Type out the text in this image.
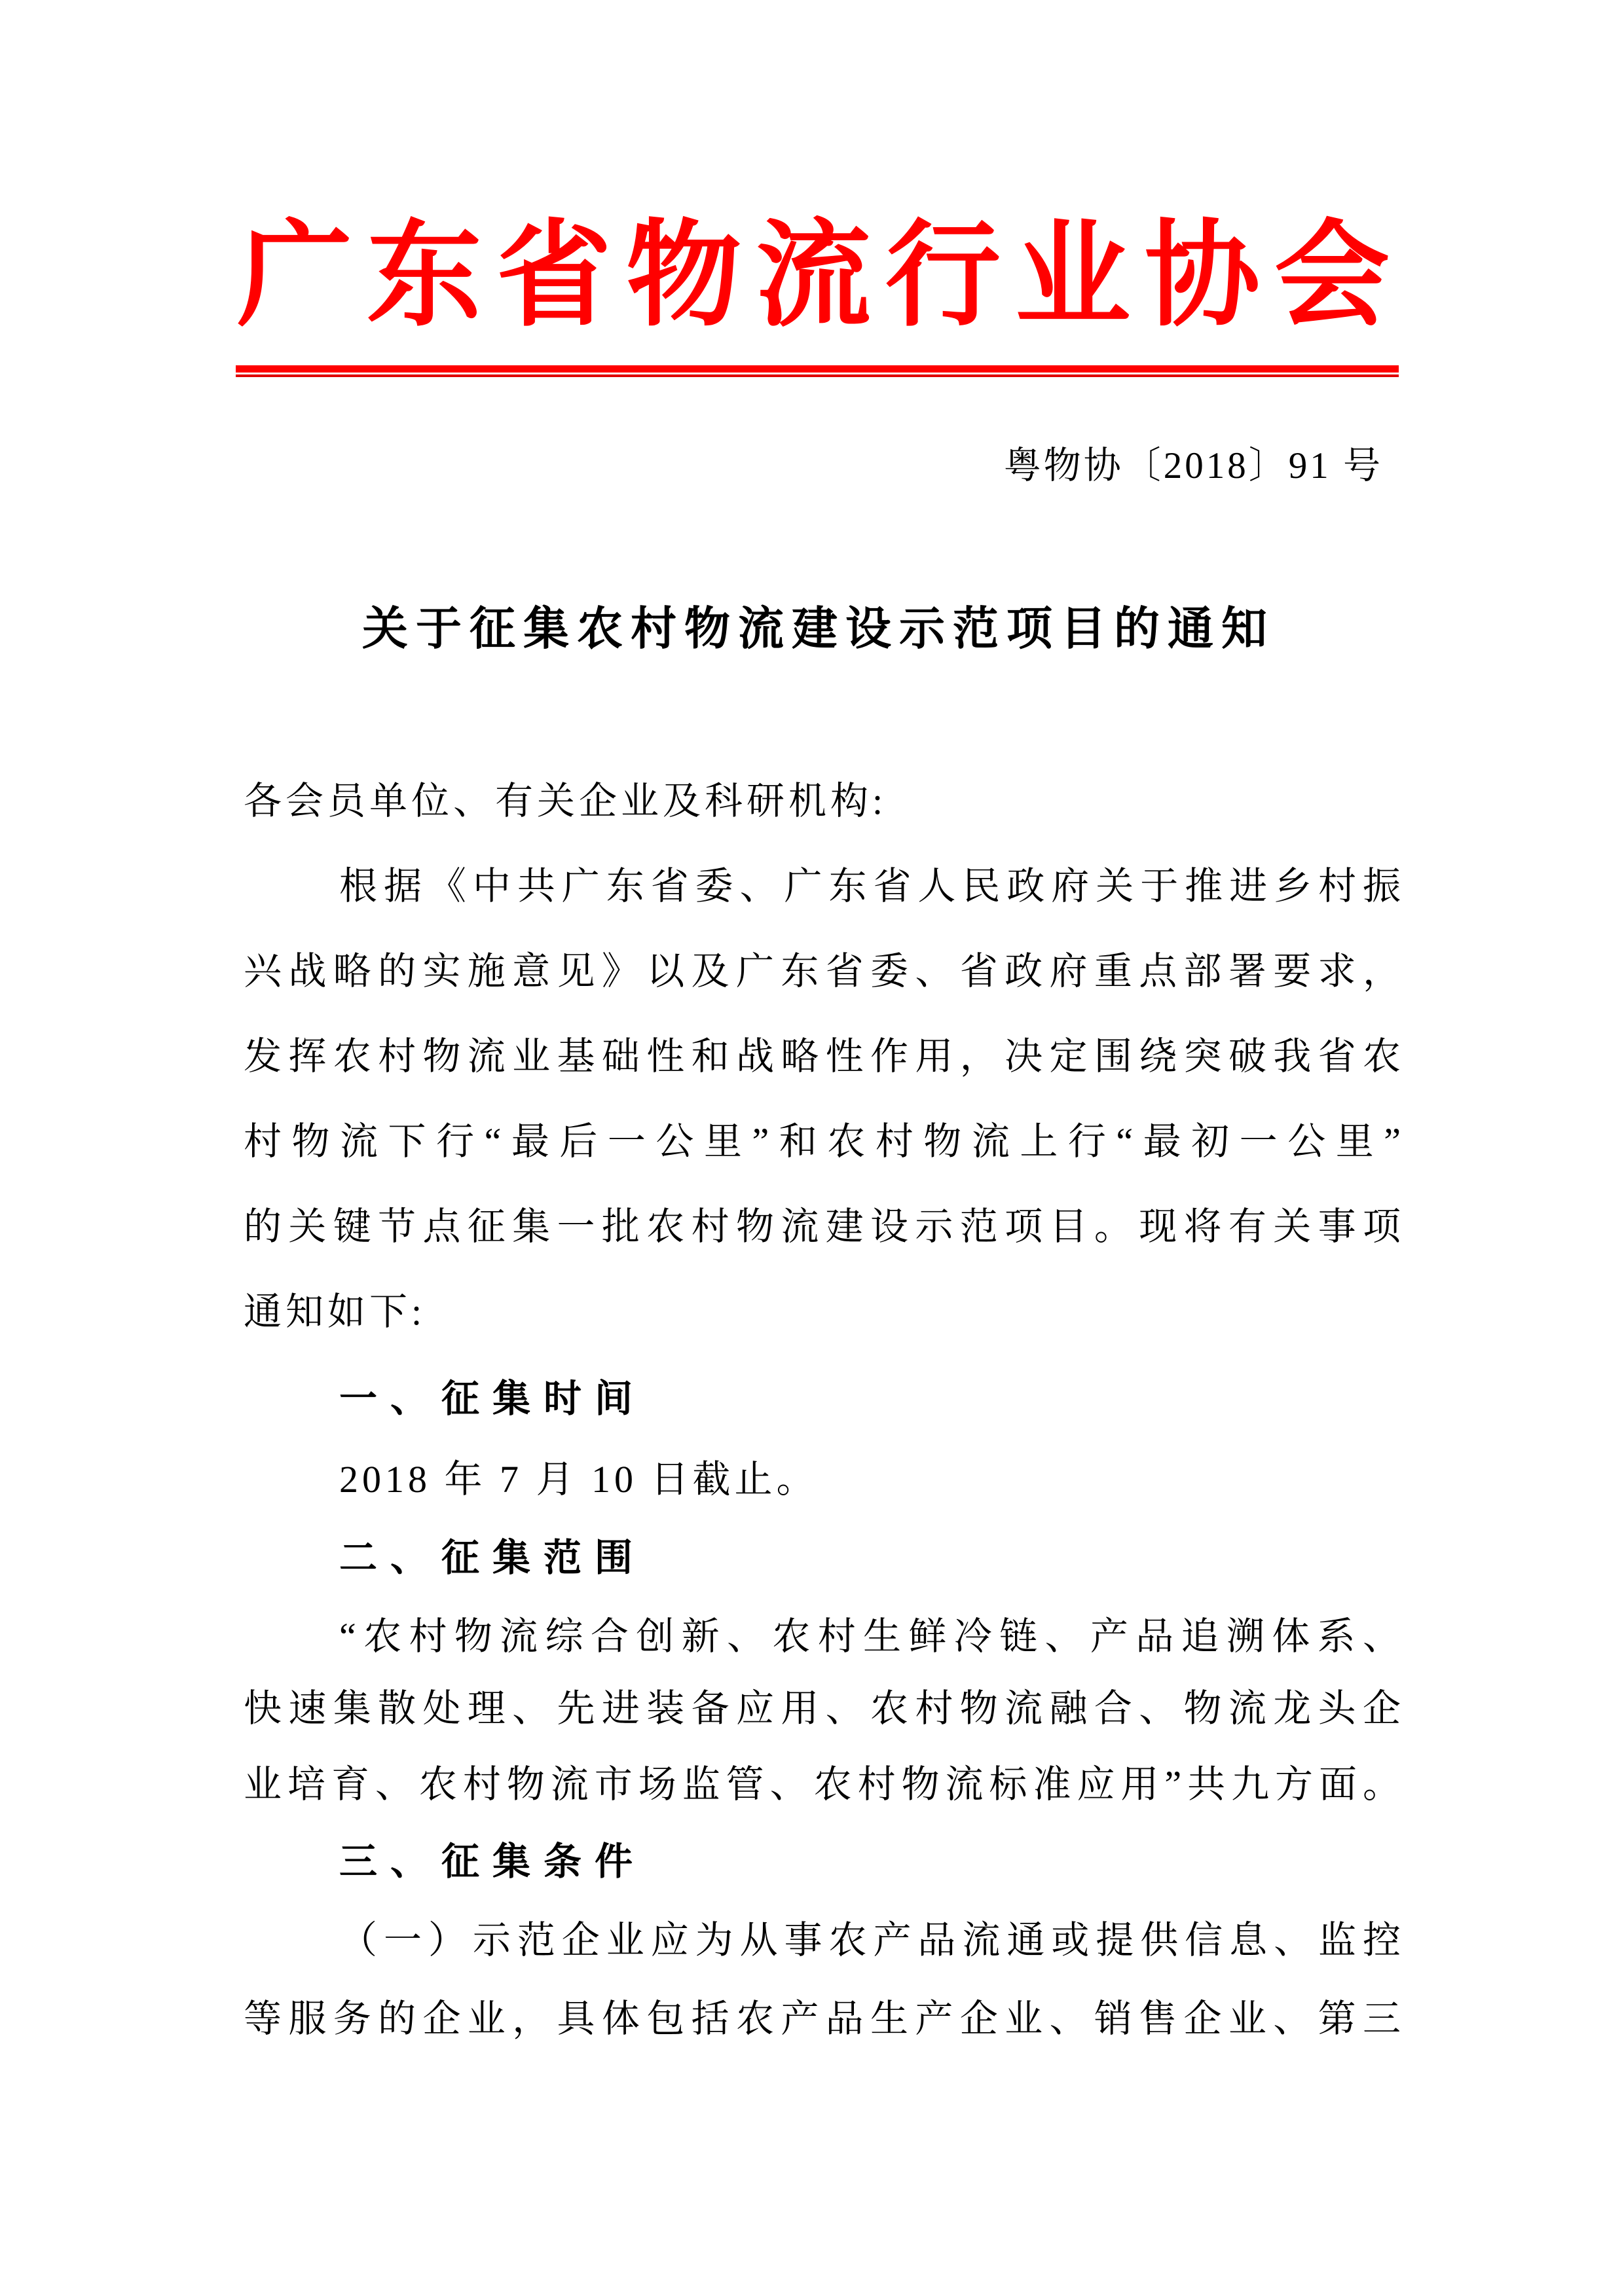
广东省物流行业协会
粤物协〔2018〕91 号
关于征集农村物流建设示范项目的通知
各会员单位、有关企业及科研机构:
根据《中共广东省委、广东省人民政府关于推进乡村振
兴战略的实施意见》以及广东省委、省政府重点部署要求，
发挥农村物流业基础性和战略性作用，决定围绕突破我省农
村物流下行“最后一公里”和农村物流上行“最初一公里”
的关键节点征集一批农村物流建设示范项目。现将有关事项
通知如下:
一、征集时间
2018 年 7 月 10 日截止。
二、征集范围
“农村物流综合创新、农村生鲜冷链、产品追溯体系、
快速集散处理、先进装备应用、农村物流融合、物流龙头企
业培育、农村物流市场监管、农村物流标准应用”共九方面。
三、征集条件
（一）示范企业应为从事农产品流通或提供信息、监控
等服务的企业，具体包括农产品生产企业、销售企业、第三
